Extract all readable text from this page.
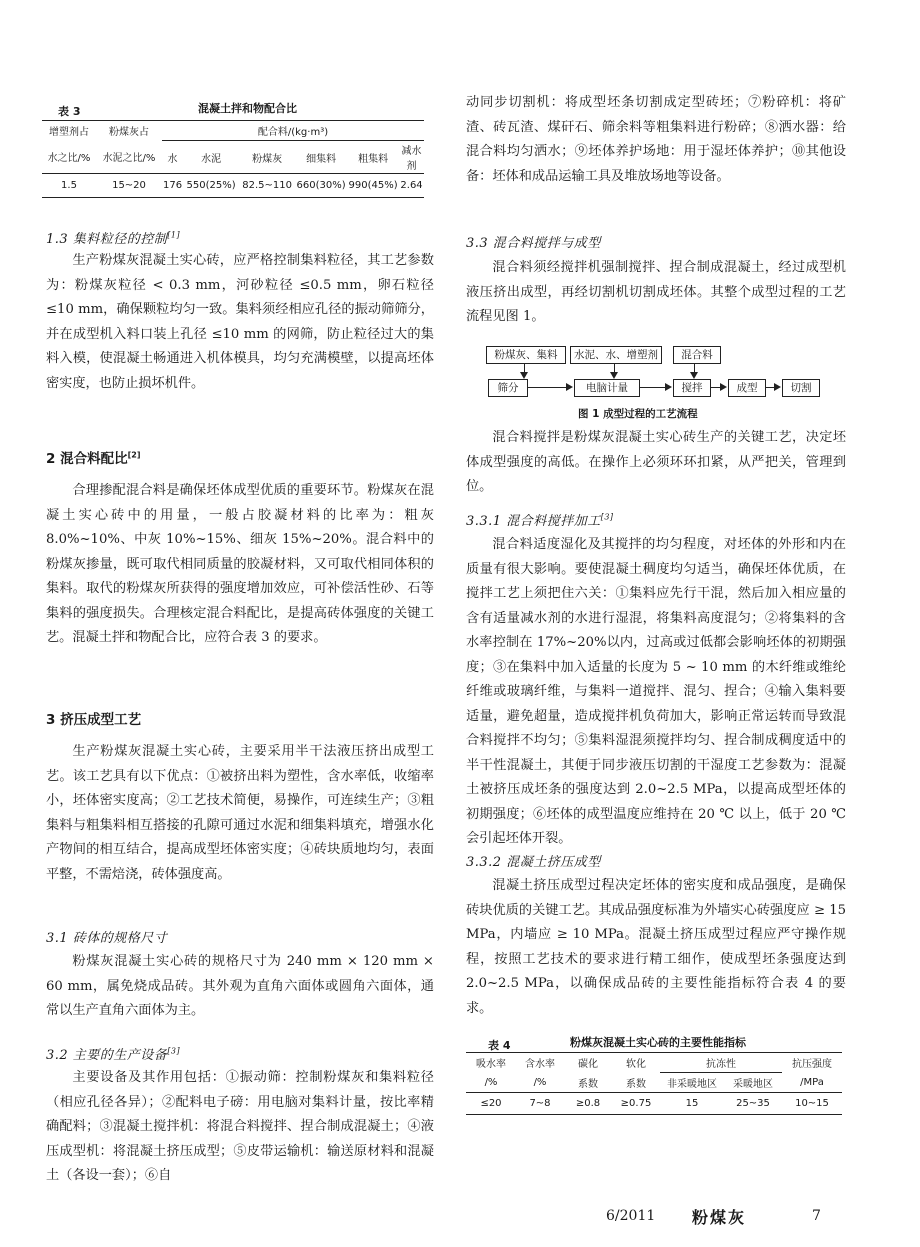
表 3	混凝土拌和物配合比
增塑剂占	粉煤灰占	配合料/(kg·m³)					
水之比/%	水泥之比/%	水	水泥	粉煤灰	细集料	粗集料	减水剂
1.5	15~20	176	550(25%)	82.5~110	660(30%)	990(45%)	2.64
1.3 集料粒径的控制[1]

生产粉煤灰混凝土实心砖，应严格控制集料粒径，其工艺参数为：粉煤灰粒径 < 0.3 mm，河砂粒径 ≤0.5 mm，卵石粒径 ≤10 mm，确保颗粒均匀一致。集料须经相应孔径的振动筛筛分，并在成型机入料口装上孔径 ≤10 mm 的网筛，防止粒径过大的集料入模，使混凝土畅通进入机体模具，均匀充满模壁，以提高坯体密实度，也防止损坏机件。

2 混合料配比[2]

合理掺配混合料是确保坯体成型优质的重要环节。粉煤灰在混凝土实心砖中的用量，一般占胶凝材料的比率为：粗灰 8.0%~10%、中灰 10%~15%、细灰 15%~20%。混合料中的粉煤灰掺量，既可取代相同质量的胶凝材料，又可取代相同体积的集料。取代的粉煤灰所获得的强度增加效应，可补偿活性砂、石等集料的强度损失。合理核定混合料配比，是提高砖体强度的关键工艺。混凝土拌和物配合比，应符合表 3 的要求。

3 挤压成型工艺

生产粉煤灰混凝土实心砖，主要采用半干法液压挤出成型工艺。该工艺具有以下优点：①被挤出料为塑性，含水率低，收缩率小，坯体密实度高；②工艺技术简便，易操作，可连续生产；③粗集料与粗集料相互搭接的孔隙可通过水泥和细集料填充，增强水化产物间的相互结合，提高成型坯体密实度；④砖块质地均匀，表面平整，不需焙浇，砖体强度高。

3.1 砖体的规格尺寸

粉煤灰混凝土实心砖的规格尺寸为 240 mm × 120 mm × 60 mm，属免烧成品砖。其外观为直角六面体或圆角六面体，通常以生产直角六面体为主。

3.2 主要的生产设备[3]

主要设备及其作用包括：①振动筛：控制粉煤灰和集料粒径（相应孔径各异）；②配料电子磅：用电脑对集料计量，按比率精确配料；③混凝土搅拌机：将混合料搅拌、捏合制成混凝土；④液压成型机：将混凝土挤压成型；⑤皮带运输机：输送原材料和混凝土（各设一套）；⑥自

动同步切割机：将成型坯条切割成定型砖坯；⑦粉碎机：将矿渣、砖瓦渣、煤矸石、筛余料等粗集料进行粉碎；⑧洒水器：给混合料均匀洒水；⑨坯体养护场地：用于湿坯体养护；⑩其他设备：坯体和成品运输工具及堆放场地等设备。

3.3 混合料搅拌与成型

混合料须经搅拌机强制搅拌、捏合制成混凝土，经过成型机液压挤出成型，再经切割机切割成坯体。其整个成型过程的工艺流程见图 1。

粉煤灰、集料	水泥、水、增塑剂	混合料
筛分	电脑计量	搅拌	成型	切割
图 1 成型过程的工艺流程

混合料搅拌是粉煤灰混凝土实心砖生产的关键工艺，决定坯体成型强度的高低。在操作上必须环环扣紧，从严把关，管理到位。

3.3.1 混合料搅拌加工[3]

混合料适度湿化及其搅拌的均匀程度，对坯体的外形和内在质量有很大影响。要使混凝土稠度均匀适当，确保坯体优质，在搅拌工艺上须把住六关：①集料应先行干混，然后加入相应量的含有适量减水剂的水进行湿混，将集料高度混匀；②将集料的含水率控制在 17%~20%以内，过高或过低都会影响坯体的初期强度；③在集料中加入适量的长度为 5 ~ 10 mm 的木纤维或维纶纤维或玻璃纤维，与集料一道搅拌、混匀、捏合；④输入集料要适量，避免超量，造成搅拌机负荷加大，影响正常运转而导致混合料搅拌不均匀；⑤集料湿混须搅拌均匀、捏合制成稠度适中的半干性混凝土，其便于同步液压切割的干湿度工艺参数为：混凝土被挤压成坯条的强度达到 2.0~2.5 MPa，以提高成型坯体的初期强度；⑥坯体的成型温度应维持在 20 ℃ 以上，低于 20 ℃ 会引起坯体开裂。

3.3.2 混凝土挤压成型

混凝土挤压成型过程决定坯体的密实度和成品强度，是确保砖块优质的关键工艺。其成品强度标准为外墙实心砖强度应 ≥ 15 MPa，内墙应 ≥ 10 MPa。混凝土挤压成型过程应严守操作规程，按照工艺技术的要求进行精工细作，使成型坯条强度达到 2.0~2.5 MPa，以确保成品砖的主要性能指标符合表 4 的要求。

表 4	粉煤灰混凝土实心砖的主要性能指标
吸水率	含水率	碳化	软化	抗冻性		抗压强度
/%	/%	系数	系数	非采暖地区	采暖地区	/MPa
≤20	7~8	≥0.8	≥0.75	15	25~35	10~15
6/2011 粉煤灰	7
